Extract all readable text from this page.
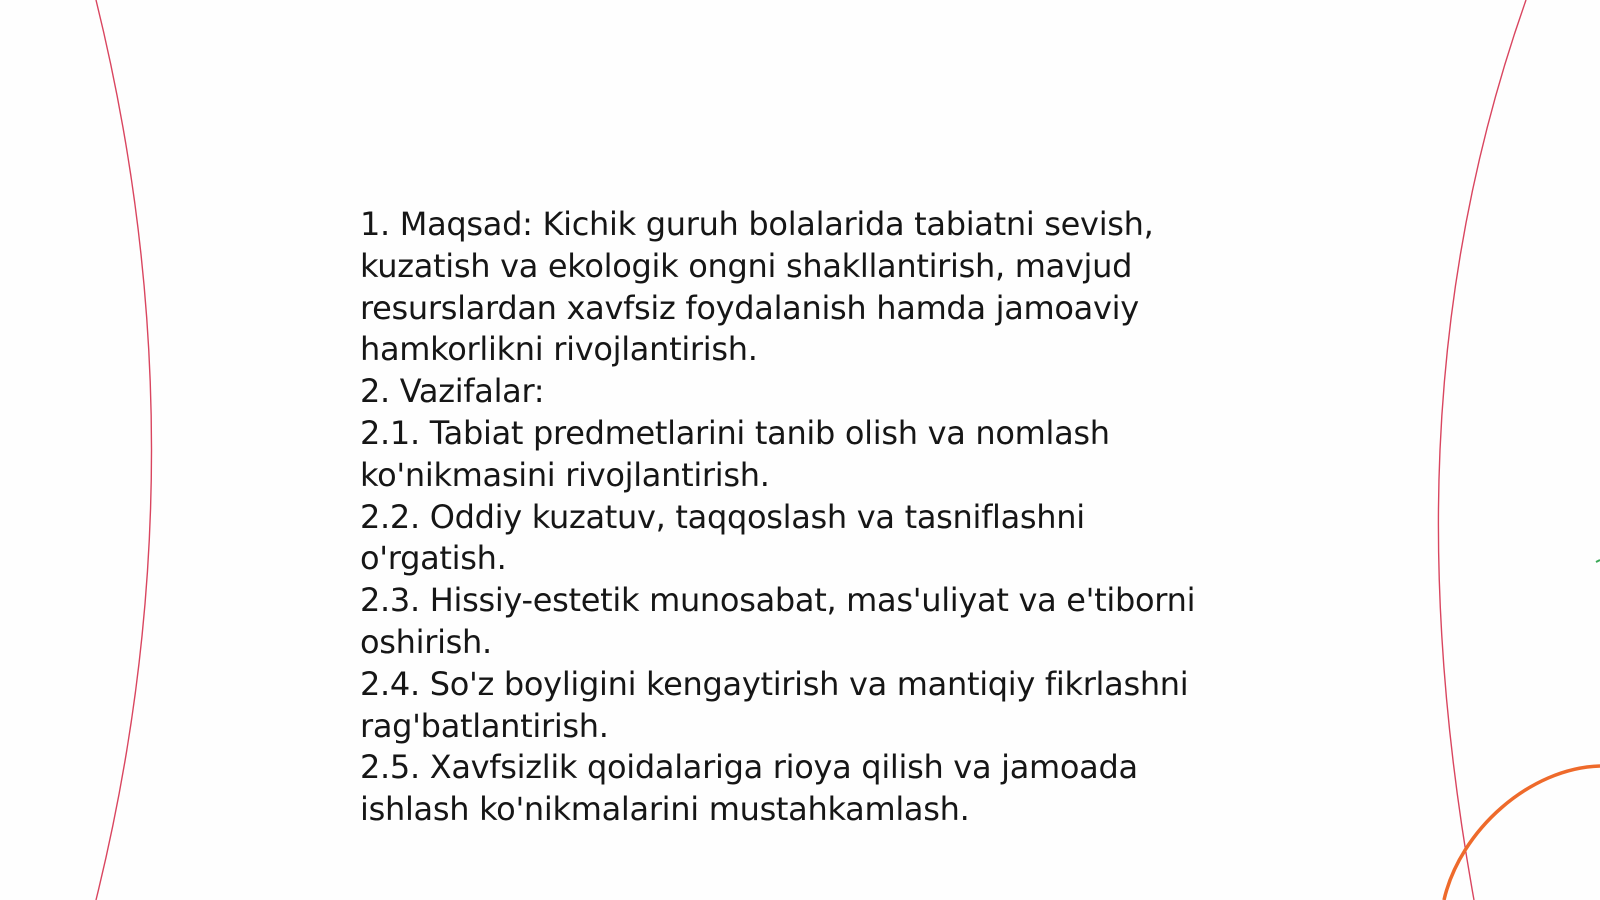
1. Maqsad: Kichik guruh bolalarida tabiatni sevish,
kuzatish va ekologik ongni shakllantirish, mavjud
resurslardan xavfsiz foydalanish hamda jamoaviy
hamkorlikni rivojlantirish.
2. Vazifalar:
2.1. Tabiat predmetlarini tanib olish va nomlash
ko'nikmasini rivojlantirish.
2.2. Oddiy kuzatuv, taqqoslash va tasniflashni
o'rgatish.
2.3. Hissiy-estetik munosabat, mas'uliyat va e'tiborni
oshirish.
2.4. So'z boyligini kengaytirish va mantiqiy fikrlashni
rag'batlantirish.
2.5. Xavfsizlik qoidalariga rioya qilish va jamoada
ishlash ko'nikmalarini mustahkamlash.
